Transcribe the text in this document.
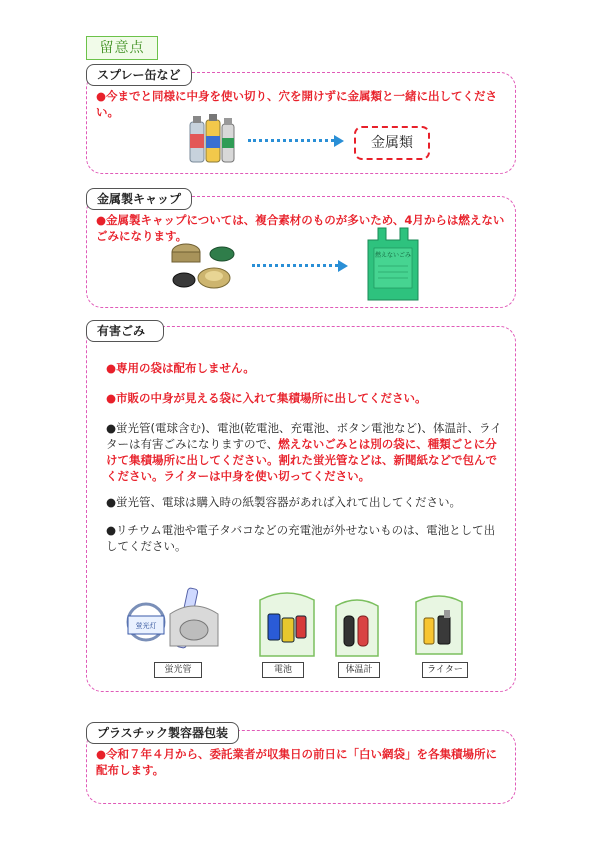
留意点
スプレー缶など
●今までと同様に中身を使い切り、穴を開けずに金属類と一緒に出してください。
金属類
金属製キャップ
●金属製キャップについては、複合素材のものが多いため、4月からは燃えないごみになります。
燃えないごみ
有害ごみ
●専用の袋は配布しません。
●市販の中身が見える袋に入れて集積場所に出してください。
●蛍光管(電球含む)、電池(乾電池、充電池、ボタン電池など)、体温計、ライターは有害ごみになりますので、燃えないごみとは別の袋に、種類ごとに分けて集積場所に出してください。割れた蛍光管などは、新聞紙などで包んでください。ライターは中身を使い切ってください。
●蛍光管、電球は購入時の紙製容器があれば入れて出してください。
●リチウム電池や電子タバコなどの充電池が外せないものは、電池として出してください。
蛍光灯
蛍光管	電池	体温計	ライター
プラスチック製容器包装
●令和７年４月から、委託業者が収集日の前日に「白い網袋」を各集積場所に配布します。
